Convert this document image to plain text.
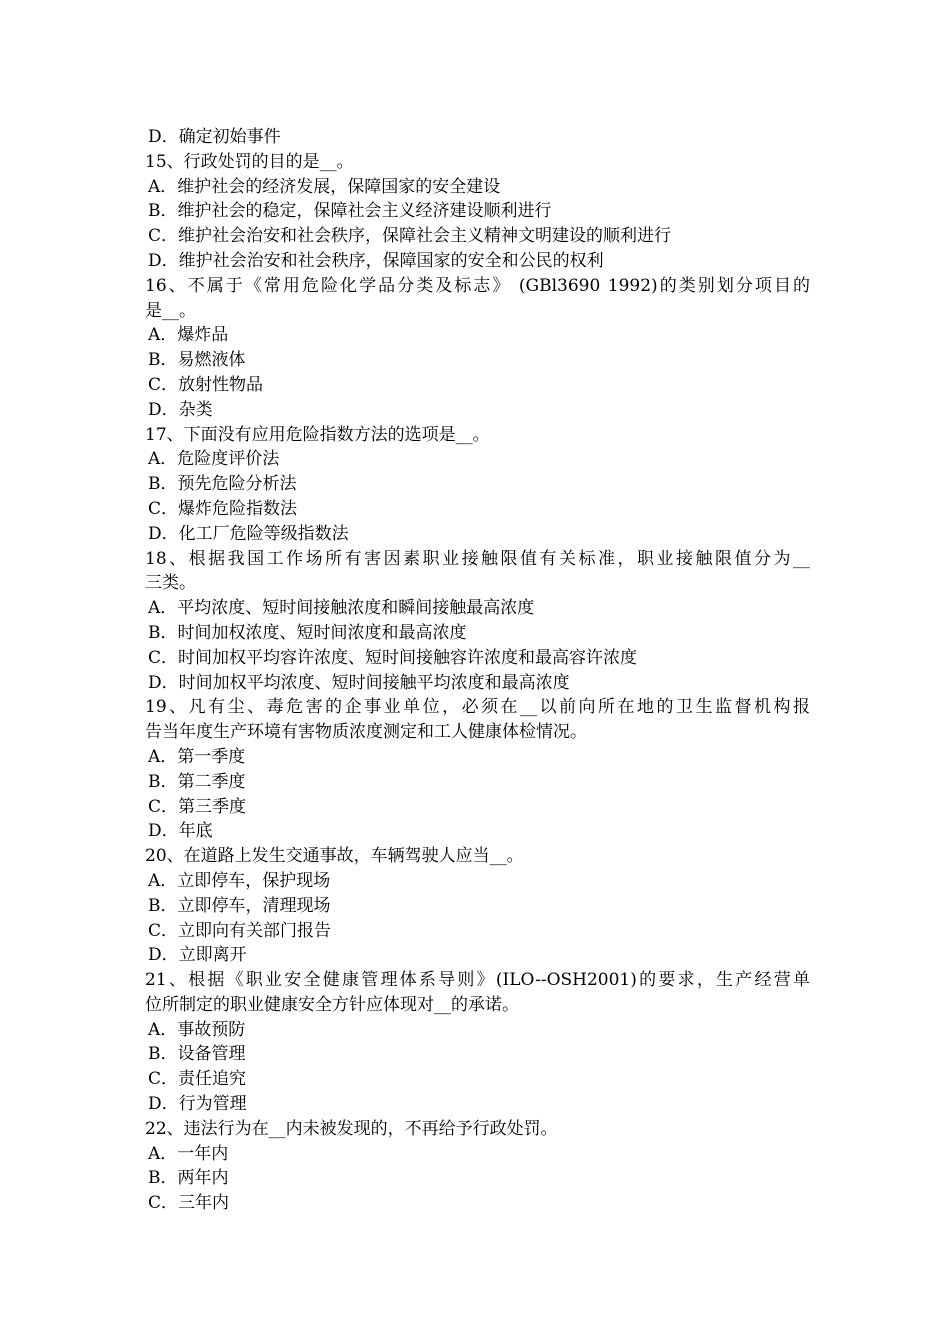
D．确定初始事件
15、行政处罚的目的是__。
A．维护社会的经济发展，保障国家的安全建设
B．维护社会的稳定，保障社会主义经济建设顺利进行
C．维护社会治安和社会秩序，保障社会主义精神文明建设的顺利进行
D．维护社会治安和社会秩序，保障国家的安全和公民的权利
16、不属于《常用危险化学品分类及标志》 (GBl3690 1992)的类别划分项目的
是__。
A．爆炸品
B．易燃液体
C．放射性物品
D．杂类
17、下面没有应用危险指数方法的选项是__。
A．危险度评价法
B．预先危险分析法
C．爆炸危险指数法
D．化工厂危险等级指数法
18、根据我国工作场所有害因素职业接触限值有关标准，职业接触限值分为__
三类。
A．平均浓度、短时间接触浓度和瞬间接触最高浓度
B．时间加权浓度、短时间浓度和最高浓度
C．时间加权平均容许浓度、短时间接触容许浓度和最高容许浓度
D．时间加权平均浓度、短时间接触平均浓度和最高浓度
19、凡有尘、毒危害的企事业单位，必须在__以前向所在地的卫生监督机构报
告当年度生产环境有害物质浓度测定和工人健康体检情况。
A．第一季度
B．第二季度
C．第三季度
D．年底
20、在道路上发生交通事故，车辆驾驶人应当__。
A．立即停车，保护现场
B．立即停车，清理现场
C．立即向有关部门报告
D．立即离开
21、根据《职业安全健康管理体系导则》(ILO--OSH2001)的要求，生产经营单
位所制定的职业健康安全方针应体现对__的承诺。
A．事故预防
B．设备管理
C．责任追究
D．行为管理
22、违法行为在__内未被发现的，不再给予行政处罚。
A．一年内
B．两年内
C．三年内
